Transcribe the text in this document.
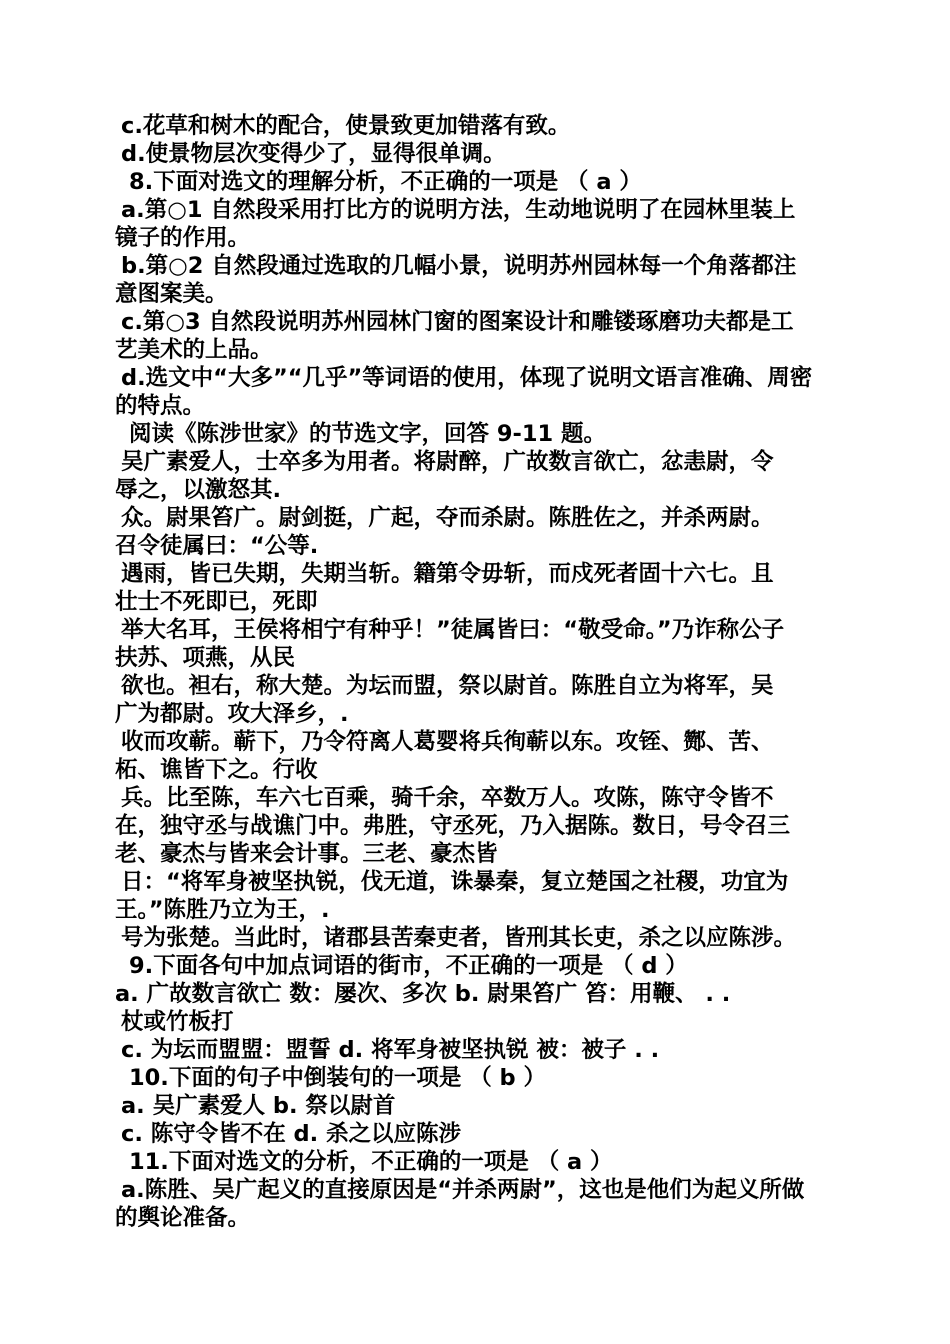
c.花草和树木的配合，使景致更加错落有致。
d.使景物层次变得少了，显得很单调。
8.下面对选文的理解分析，不正确的一项是 （ a ）
a.第○1 自然段采用打比方的说明方法，生动地说明了在园林里装上
镜子的作用。
b.第○2 自然段通过选取的几幅小景，说明苏州园林每一个角落都注
意图案美。
c.第○3 自然段说明苏州园林门窗的图案设计和雕镂琢磨功夫都是工
艺美术的上品。
d.选文中“大多”“几乎”等词语的使用，体现了说明文语言准确、周密
的特点。
阅读《陈涉世家》的节选文字，回答 9-11 题。
吴广素爱人，士卒多为用者。将尉醉，广故数言欲亡，忿恚尉，令
辱之，以激怒其.
众。尉果笞广。尉剑挺，广起，夺而杀尉。陈胜佐之，并杀两尉。
召令徒属曰：“公等.
遇雨，皆已失期，失期当斩。籍第令毋斩，而戍死者固十六七。且
壮士不死即已，死即
举大名耳，王侯将相宁有种乎！”徒属皆曰：“敬受命。”乃诈称公子
扶苏、项燕，从民
欲也。袒右，称大楚。为坛而盟，祭以尉首。陈胜自立为将军，吴
广为都尉。攻大泽乡，.
收而攻蕲。蕲下，乃令符离人葛婴将兵徇蕲以东。攻铚、酂、苦、
柘、谯皆下之。行收
兵。比至陈，车六七百乘，骑千余，卒数万人。攻陈，陈守令皆不
在，独守丞与战谯门中。弗胜，守丞死，乃入据陈。数日，号令召三
老、豪杰与皆来会计事。三老、豪杰皆
日：“将军身被坚执锐，伐无道，诛暴秦，复立楚国之社稷，功宜为
王。”陈胜乃立为王，.
号为张楚。当此时，诸郡县苦秦吏者，皆刑其长吏，杀之以应陈涉。
9.下面各句中加点词语的街市，不正确的一项是 （ d ）
a. 广故数言欲亡 数：屡次、多次 b. 尉果笞广 笞：用鞭、 . .
杖或竹板打
c. 为坛而盟盟：盟誓 d. 将军身被坚执锐 被：被子 . .
10.下面的句子中倒装句的一项是 （ b ）
a. 吴广素爱人 b. 祭以尉首
c. 陈守令皆不在 d. 杀之以应陈涉
11.下面对选文的分析，不正确的一项是 （ a ）
a.陈胜、吴广起义的直接原因是“并杀两尉”，这也是他们为起义所做
的舆论准备。
